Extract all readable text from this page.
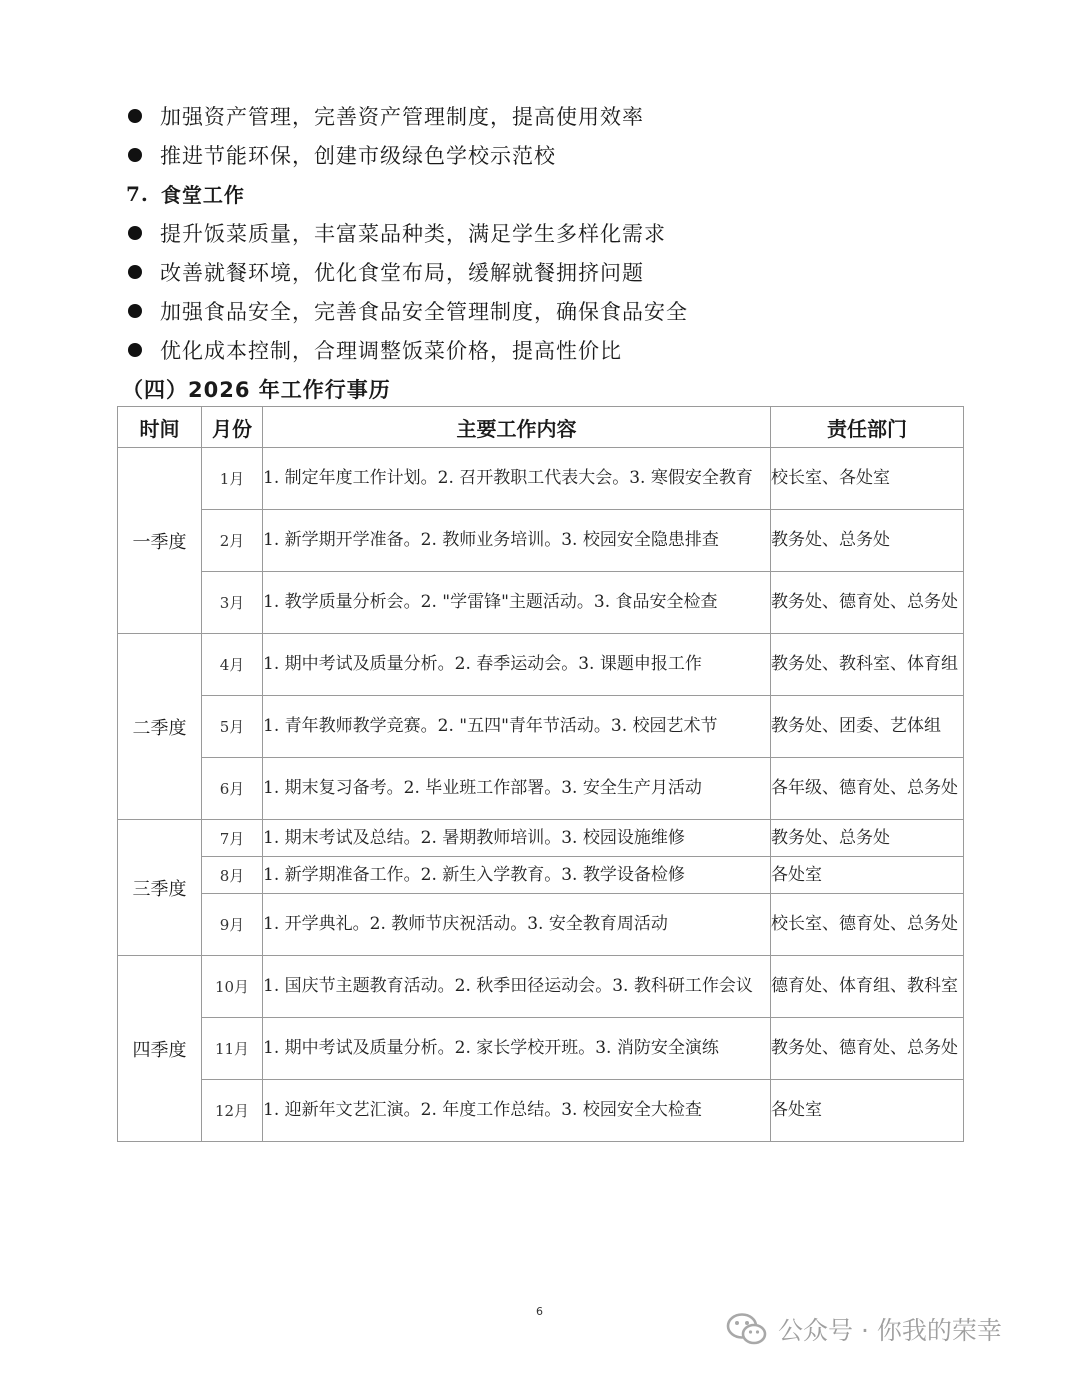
加强资产管理，完善资产管理制度，提高使用效率
推进节能环保，创建市级绿色学校示范校
7. 食堂工作
提升饭菜质量，丰富菜品种类，满足学生多样化需求
改善就餐环境，优化食堂布局，缓解就餐拥挤问题
加强食品安全，完善食品安全管理制度，确保食品安全
优化成本控制，合理调整饭菜价格，提高性价比
（四）2026 年工作行事历
时间	月份	主要工作内容	责任部门
一季度	1月	1. 制定年度工作计划。2. 召开教职工代表大会。3. 寒假安全教育	校长室、各处室
	2月	1. 新学期开学准备。2. 教师业务培训。3. 校园安全隐患排查	教务处、总务处
	3月	1. 教学质量分析会。2. "学雷锋"主题活动。3. 食品安全检查	教务处、德育处、总务处
二季度	4月	1. 期中考试及质量分析。2. 春季运动会。3. 课题申报工作	教务处、教科室、体育组
	5月	1. 青年教师教学竞赛。2. "五四"青年节活动。3. 校园艺术节	教务处、团委、艺体组
	6月	1. 期末复习备考。2. 毕业班工作部署。3. 安全生产月活动	各年级、德育处、总务处
三季度	7月	1. 期末考试及总结。2. 暑期教师培训。3. 校园设施维修	教务处、总务处
	8月	1. 新学期准备工作。2. 新生入学教育。3. 教学设备检修	各处室
	9月	1. 开学典礼。2. 教师节庆祝活动。3. 安全教育周活动	校长室、德育处、总务处
四季度	10月	1. 国庆节主题教育活动。2. 秋季田径运动会。3. 教科研工作会议	德育处、体育组、教科室
	11月	1. 期中考试及质量分析。2. 家长学校开班。3. 消防安全演练	教务处、德育处、总务处
	12月	1. 迎新年文艺汇演。2. 年度工作总结。3. 校园安全大检查	各处室
6
公众号 · 你我的荣幸
